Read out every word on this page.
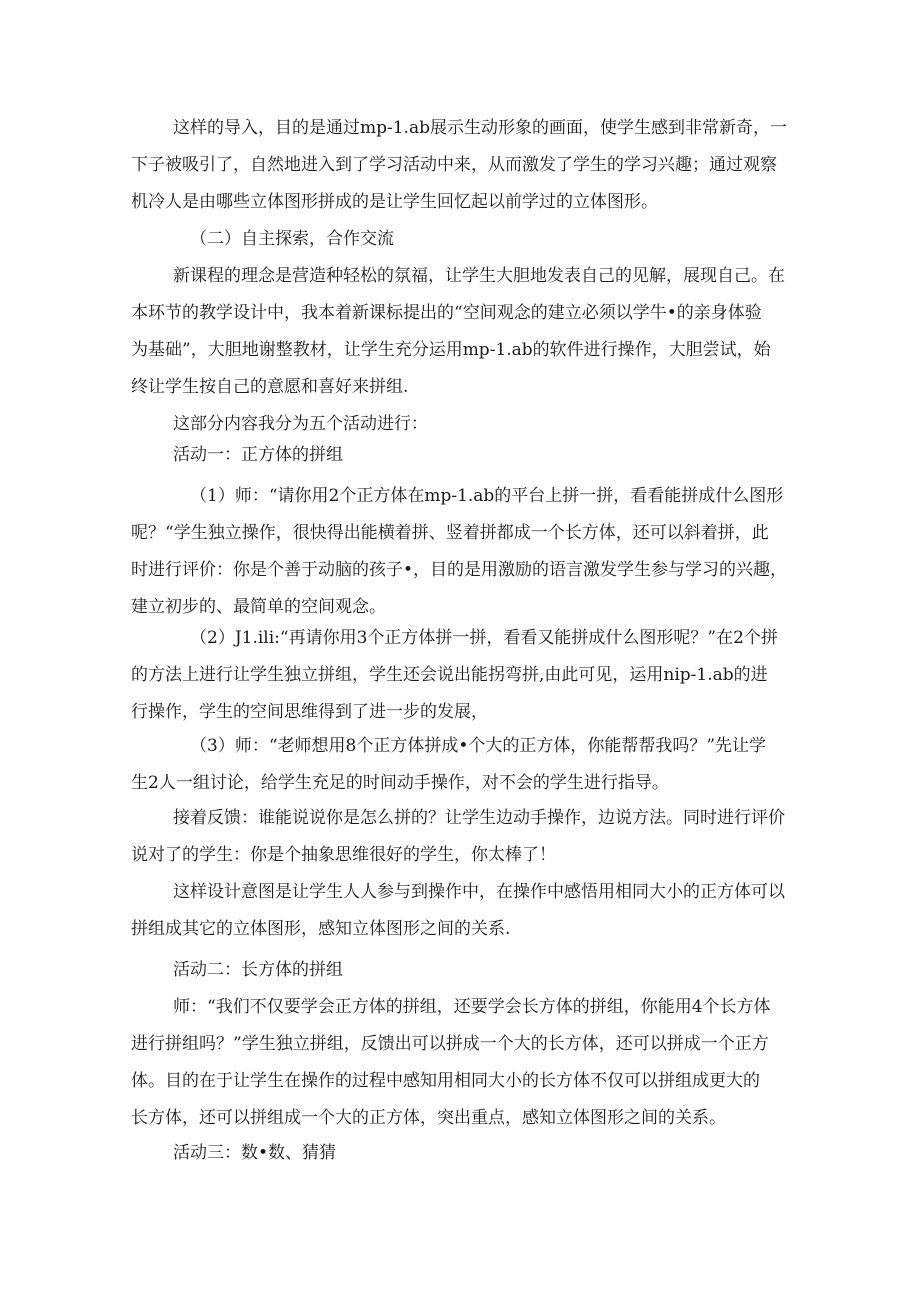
这样的导入，目的是通过mp-1.ab展示生动形象的画面，使学生感到非常新奇，一
下子被吸引了，自然地进入到了学习活动中来，从而激发了学生的学习兴趣；通过观察
机冷人是由哪些立体图形拼成的是让学生回忆起以前学过的立体图形。
（二）自主探索，合作交流
新课程的理念是营造种轻松的氛福，让学生大胆地发表自己的见解，展现自己。在
本环节的教学设计中，我本着新课标提出的“空间观念的建立必须以学牛•的亲身体验
为基础”，大胆地谢整教材，让学生充分运用mp-1.ab的软件进行操作，大胆尝试，始
终让学生按自己的意愿和喜好来拼组.
这部分内容我分为五个活动进行：
活动一：正方体的拼组
（1）师：“请你用2个正方体在mp-1.ab的平台上拼一拼，看看能拼成什么图形
呢？“学生独立操作，很快得出能横着拼、竖着拼都成一个长方体，还可以斜着拼，此
时进行评价：你是个善于动脑的孩子•，目的是用激励的语言激发学生参与学习的兴趣，
建立初步的、最简单的空间观念。
（2）J1.ili:“再请你用3个正方体拼一拼，看看又能拼成什么图形呢？”在2个拼
的方法上进行让学生独立拼组，学生还会说出能拐弯拼,由此可见，运用nip-1.ab的进
行操作，学生的空间思维得到了进一步的发展，
（3）师：“老师想用8个正方体拼成•个大的正方体，你能帮帮我吗？”先让学
生2人一组讨论，给学生充足的时间动手操作，对不会的学生进行指导。
接着反馈：谁能说说你是怎么拼的？让学生边动手操作，边说方法。同时进行评价
说对了的学生：你是个抽象思维很好的学生，你太棒了！
这样设计意图是让学生人人参与到操作中，在操作中感悟用相同大小的正方体可以
拼组成其它的立体图形，感知立体图形之间的关系.
活动二：长方体的拼组
师：“我们不仅要学会正方体的拼组，还要学会长方体的拼组，你能用4个长方体
进行拼组吗？”学生独立拼组，反馈出可以拼成一个大的长方体，还可以拼成一个正方
体。目的在于让学生在操作的过程中感知用相同大小的长方体不仅可以拼组成更大的
长方体，还可以拼组成一个大的正方体，突出重点，感知立体图形之间的关系。
活动三：数•数、猜猜
